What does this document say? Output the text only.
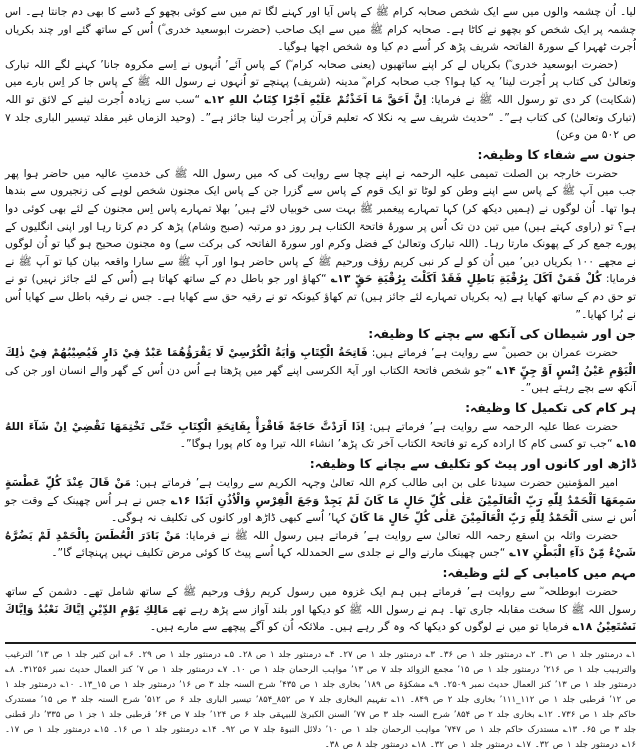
لیا۔ اُن چشمہ والوں میں سے ایک شخص صحابہ کرام ﷺ کے پاس آیا اور کہنے لگا تم میں سے کوئی بچھو کے ڈسے کا بھی دم جانتا ہے۔ اس چشمہ پر ایک شخص کو بچھو نے کاٹا ہے۔ صحابہ کرام ﷺ میں سے ایک صاحب (حضرت ابوسعید خدری ؓ) اُس کے ساتھ گئے اور چند بکریاں اُجرت ٹھہرا کے سورۃ الفاتحہ شریف پڑھ کر اُسے دم کیا وہ شخص اچھا ہوگیا۔

(حضرت ابوسعید خدری ؓ) بکریاں لے کر اپنے ساتھیوں (یعنی صحابہ کرام ؓ) کے پاس آئے’ اُنہوں نے اِسے مکروہ جانا’ کہنے لگے اللہ تبارک وتعالیٰ کی کتاب پر اُجرت لینا’ یہ کیا ہوا؟ جب صحابہ کرام ؓ مدینہ (شریف) پہنچے تو اُنہوں نے رسول اللہ ﷺ کے پاس جا کر اِس بارے میں (شکایت) کر دی تو رسول اللہ ﷺ نے فرمایا: اِنَّ اَحَقَّ مَا اَخَذْتُمْ عَلَيْهِ اَجْرًا كِتَابُ اللهِ ۱۲؎ “سب سے زیادہ اُجرت لینے کے لائق تو اللہ (تبارک وتعالیٰ) کی کتاب ہے”۔ “حدیث شریف سے یہ نکلا کہ تعلیم قرآن پر اُجرت لینا جائز ہے”۔ (وحید الزماں غیر مقلد تیسیر الباری جلد ۷ ص ۵۰۲ من وعن)

جنون سے شفاء کا وظیفہ:

حضرت خارجہ بن الصلت تمیمی علیہ الرحمہ نے اپنے چچا سے روایت کی کہ میں رسول اللہ ﷺ کی خدمتِ عالیہ میں حاضر ہوا پھر جب میں آپ ﷺ کے پاس سے اپنے وطن کو لوٹا تو ایک قوم کے پاس سے گزرا جن کے پاس ایک مجنون شخص لوہے کی زنجیروں سے بندھا ہوا تھا۔ اُن لوگوں نے (ہمیں دیکھ کر) کہا تمہارے پیغمبر ﷺ بہت سی خوبیاں لائے ہیں’ بھلا تمہارے پاس اِس مجنون کے لئے بھی کوئی دوا ہے؟ تو (راوی کہتے ہیں) میں تین دن تک اُس پر سورۂ فاتحۃ الکتاب ہر روز دو مرتبہ (صبح وشام) پڑھ کر دم کرتا رہا اور اپنی انگلیوں کے پورے جمع کر کے پھونک مارتا رہا۔ (اللہ تبارک وتعالیٰ کے فضل وکرم اور سورۃ الفاتحہ کی برکت سے) وہ مجنون صحیح ہو گیا تو اُن لوگوں نے مجھے ۱۰۰ بکریاں دیں’ میں اُن کو لے کر نبی کریم رؤف ورحیم ﷺ کے پاس حاضر ہوا اور آپ ﷺ سے سارا واقعہ بیان کیا تو آپ ﷺ نے فرمایا: كُلْ فَمَنْ اَكَلَ بِرُقْيَةِ بَاطِلٍ فَقَدْ اَكَلْتَ بِرُقْيَةِ حَقٍّ ۱۳؎ “کھاؤ اور جو باطل دم کے ساتھ کھاتا ہے (اُس کے لئے جائز نہیں) تو نے تو حق دم کے ساتھ کھایا ہے (یہ بکریاں تمہارے لئے جائز ہیں) تم کھاؤ کیونکہ تو نے رقیہ حق سے کھایا ہے۔ جس نے رقیہ باطل سے کھایا اُس نے بُرا کھایا۔”

جن اور شیطان کی آنکھ سے بچنے کا وظیفہ:

حضرت عمران بن حصین ؓ سے روایت ہے’ فرماتے ہیں: فَاتِحَةُ الْكِتَابِ وَاٰيَةُ الْكُرْسِيْ لَا يَقْرَؤُهُمَا عَبْدٌ فِيْ دَارٍ فَيُصِيْبُهُمْ فِيْ ذٰلِكَ الْيَوْمِ عَيْنُ اِنْسٍ اَوْ جِنٍّ ۱۴؎ “جو شخص فاتحۃ الکتاب اور آیۃ الکرسی اپنے گھر میں پڑھتا ہے اُس دن اُس کے گھر والے انسان اور جن کی آنکھ سے بچے رہتے ہیں”۔

ہر کام کی تکمیل کا وظیفہ:

حضرت عطا علیہ الرحمہ سے روایت ہے’ فرماتے ہیں: اِذَا اَرَدْتَّ حَاجَةً فَاقْرَأْ بِفَاتِحَةِ الْكِتَابِ حَتّٰى تَخْتِمَهَا نَقْضِيْ اِنْ شَآءَ اللهُ ۱۵؎ “جب تو کسی کام کا ارادہ کرے تو فاتحۃ الکتاب آخر تک پڑھ’ انشاء اللہ تیرا وہ کام پورا ہوگا”۔

ڈاڑھ اور کانوں اور پیٹ کو تکلیف سے بچانے کا وظیفہ:

امیر المؤمنین حضرت سیدنا علی بن ابی طالب کرم اللہ تعالیٰ وجہہ الکریم سے روایت ہے’ فرماتے ہیں: مَنْ قَالَ عِنْدَ كُلِّ عَطْسَةٍ سَمِعَهَا اَلْحَمْدُ لِلّٰهِ رَبِّ الْعَالَمِيْنَ عَلٰى كُلِّ حَالٍ مَا كَانَ لَمْ يَجِدْ وَجَعَ الْفِرْسِ وَالْاُذُنِ اَبَدًا ۱۶؎ جس نے ہر اُس چھینک کے وقت جو اُس نے سنی اَلْحَمْدُ لِلّٰهِ رَبِّ الْعَالَمِيْنَ عَلٰى كُلِّ حَالٍ مَا كَانَ کہا’ اُسے کبھی ڈاڑھ اور کانوں کی تکلیف نہ ہوگی۔

حضرت واثلہ بن اسقع رحمہ اللہ تعالیٰ سے روایت ہے’ فرماتے ہیں رسول اللہ ﷺ نے فرمایا: مَنْ بَادَرَ الْعُطَسَ بِالْحَمْدِ لَمْ يَضُرَّهُ شَيْءٌ مِّنْ دَآءِ الْبَطْنِ ۱۷؎ “جس چھینک مارنے والے نے جلدی سے الحمدللہ کہا اُسے پیٹ کا کوئی مرض تکلیف نہیں پہنچائے گا”۔

مہم میں کامیابی کے لئے وظیفہ:

حضرت ابوطلحہ ؓ سے روایت ہے’ فرماتے ہیں ہم ایک غزوہ میں رسول کریم رؤف ورحیم ﷺ کے ساتھ شامل تھے۔ دشمن کے ساتھ رسول اللہ ﷺ کا سخت مقابلہ جاری تھا۔ ہم نے رسول اللہ ﷺ کو دیکھا اور بلند آواز سے پڑھ رہے تھے مَالِكِ يَوْمِ الدِّيْنِ اِيَّاكَ نَعْبُدُ وَاِيَّاكَ نَسْتَعِيْنُ ۱۸؎ فرمایا تو میں نے لوگوں کو دیکھا کہ وہ گر رہے ہیں۔ ملائکہ اُن کو آگے پیچھے سے مارے ہیں۔

۱؎ درمنثور جلد ۱ ص ۳۱۔ ۲؎ درمنثور جلد ۱ ص ۳۶۔ ۳؎ درمنثور جلد ۱ ص ۲۷۔ ۴؎ درمنثور جلد ۱ ص ۲۸۔ ۵؎ درمنثور جلد ۱ ص ۲۹۔ ۶؎ ابن کثیر جلد ۱ ص ۱۳’ الترغیب والترہیب جلد ۱ ص ۲۱۶’ درمنثور جلد ۱ ص ۱۵’ مجمع الزوائد جلد ۷ ص ۱۳’ مواہب الرحمان جلد ۱ ص ۱۰۔ ۷؎ درمنثور جلد ۱ ص ۷’ کنز العمال حدیث نمبر ۳۱۲۵۶۔ ۸؎ درمنثور جلد ۱ ص ۱۳’ کنز العمال حدیث نمبر ۲۵۰۹۔ ۹؎ مشکوٰۃ ص ۱۸۹’ بخاری جلد ۱ ص ۴۳۵’ شرح السنہ جلد ۳ ص ۱۶’ درمنثور جلد ۱ ص ۱۵_۱۳۔ ۱۰؎ درمنثور جلد ۱ ص ۱۲’ قرطبی جلد ۱ ص ۱۱۲_۱۱۱’ بخاری جلد ۲ ص ۸۴۹۔ ۱۱؎ تفہیم البخاری جلد ۷ ص ۸۵۲_۸۵۴’ تیسیر الباری جلد ۶ ص ۵۱۲’ شرح السنہ جلد ۳ ص ۱۵’ مستدرک حاکم جلد ۱ ص ۷۳۶۔ ۱۲؎ بخاری جلد ۲ ص ۸۵۴’ شرح السنہ جلد ۳ ص ۷۷’ السنن الکبریٰ للبیہقی جلد ۶ ص ۱۲۴’ جلد ۷ ص ۶۴’ قرطبی جلد ۱ جز ۱ ص ۳۳۵’ دار قطنی جلد ۳ ص ۶۵۔ ۱۳؎ مستدرک حاکم جلد ۱ ص ۷۴۷’ مواہب الرحمان جلد ۱ ص ۱۰’ دلائل النبوۃ جلد ۷ ص ۹۲۔ ۱۴؎ درمنثور جلد ۱ ص ۱۶۔ ۱۵؎ درمنثور جلد ۱ ص ۱۷۔ ۱۶؎ درمنثور جلد ۱ ص ۳۲۔ ۱۷؎ درمنثور جلد ۱ ص ۳۲۔ ۱۸؎ درمنثور جلد ۸ ص ۳۸۔
